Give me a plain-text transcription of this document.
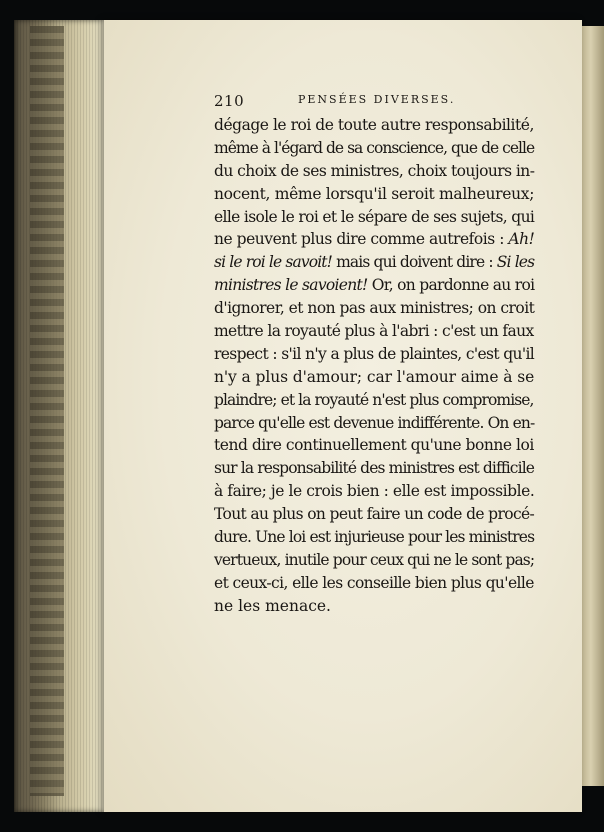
210	PENSÉES DIVERSES.
dégage le roi de toute autre responsabilité,
même à l'égard de sa conscience, que de celle
du choix de ses ministres, choix toujours in-
nocent, même lorsqu'il seroit malheureux;
elle isole le roi et le sépare de ses sujets, qui
ne peuvent plus dire comme autrefois : Ah!
si le roi le savoit! mais qui doivent dire : Si les
ministres le savoient! Or, on pardonne au roi
d'ignorer, et non pas aux ministres; on croit
mettre la royauté plus à l'abri : c'est un faux
respect : s'il n'y a plus de plaintes, c'est qu'il
n'y a plus d'amour; car l'amour aime à se
plaindre; et la royauté n'est plus compromise,
parce qu'elle est devenue indifférente. On en-
tend dire continuellement qu'une bonne loi
sur la responsabilité des ministres est difficile
à faire; je le crois bien : elle est impossible.
Tout au plus on peut faire un code de procé-
dure. Une loi est injurieuse pour les ministres
vertueux, inutile pour ceux qui ne le sont pas;
et ceux-ci, elle les conseille bien plus qu'elle
ne les menace.
